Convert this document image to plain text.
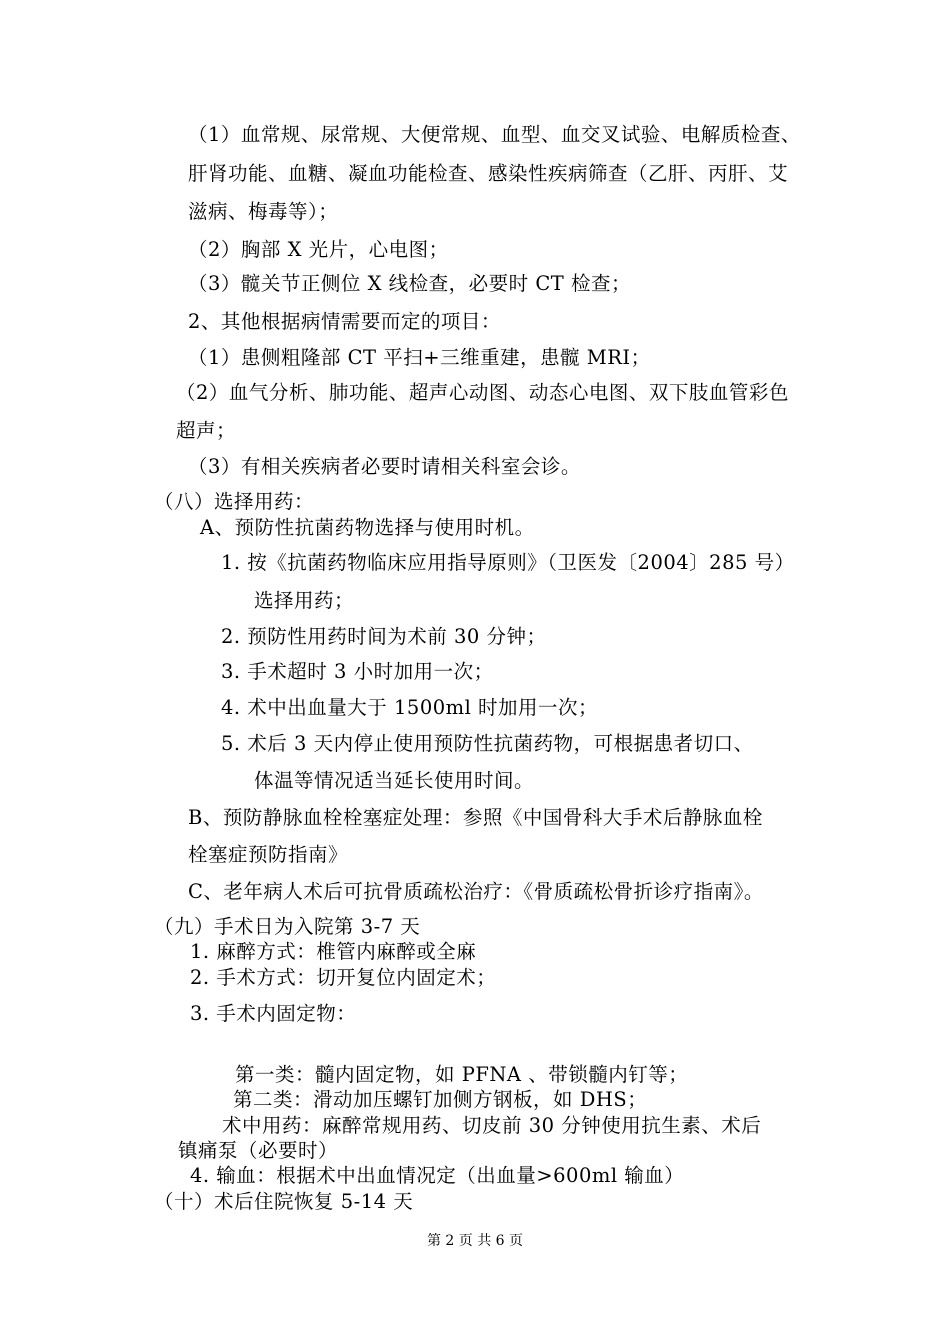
（1）血常规、尿常规、大便常规、血型、血交叉试验、电解质检查、
肝肾功能、血糖、凝血功能检查、感染性疾病筛查（乙肝、丙肝、艾
滋病、梅毒等）；
（2）胸部 X 光片，心电图；
（3）髋关节正侧位 X 线检查，必要时 CT 检查；
2、其他根据病情需要而定的项目：
（1）患侧粗隆部 CT 平扫+三维重建，患髋 MRI；
（2）血气分析、肺功能、超声心动图、动态心电图、双下肢血管彩色
超声；
（3）有相关疾病者必要时请相关科室会诊。
（八）选择用药：
A、预防性抗菌药物选择与使用时机。
1. 按《抗菌药物临床应用指导原则》（卫医发〔2004〕285 号）
选择用药；
2. 预防性用药时间为术前 30 分钟；
3. 手术超时 3 小时加用一次；
4. 术中出血量大于 1500ml 时加用一次；
5. 术后 3 天内停止使用预防性抗菌药物，可根据患者切口、
体温等情况适当延长使用时间。
B、预防静脉血栓栓塞症处理：参照《中国骨科大手术后静脉血栓
栓塞症预防指南》
C、老年病人术后可抗骨质疏松治疗：《骨质疏松骨折诊疗指南》。
（九）手术日为入院第 3-7 天
1. 麻醉方式：椎管内麻醉或全麻
2. 手术方式：切开复位内固定术；
3. 手术内固定物：
第一类：髓内固定物，如 PFNA 、带锁髓内钉等；
第二类：滑动加压螺钉加侧方钢板，如 DHS；
术中用药：麻醉常规用药、切皮前 30 分钟使用抗生素、术后
镇痛泵（必要时）
4. 输血：根据术中出血情况定（出血量>600ml 输血）
（十）术后住院恢复 5-14 天
第 2 页 共 6 页
